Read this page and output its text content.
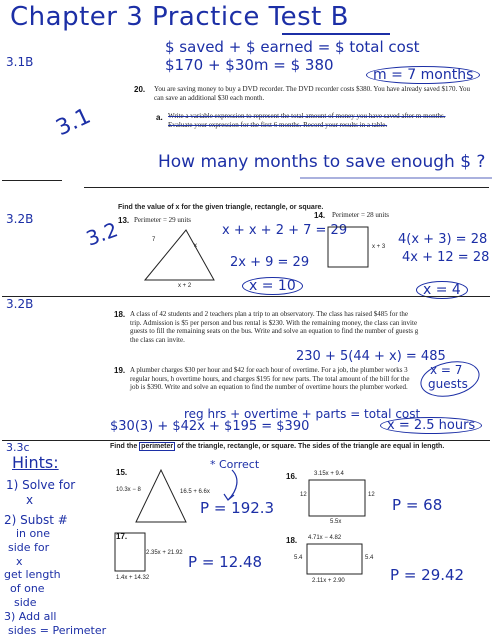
Chapter 3 Practice Test B
$ saved + $ earned = $ total cost
$170 + $30m = $ 380
m = 7 months
3.1B
3.1
20. You are saving money to buy a DVD recorder. The DVD recorder costs $380. You have already saved $170. You can save an additional $30 each month.
a. Write a variable expression to represent the total amount of money you have saved after m months. Evaluate your expression for the first 6 months. Record your results in a table.
How many months to save enough $ ?
3.2B 3.2
Find the value of x for the given triangle, rectangle, or square.
13. Perimeter = 29 units	14. Perimeter = 28 units
7
x
x + 2
x + 3
x + x + 2 + 7 = 29
2x + 9 = 29
x = 10
4(x + 3) = 28
4x + 12 = 28
x = 4
3.2B
18. A class of 42 students and 2 teachers plan a trip to an observatory. The class has raised $485 for the trip. Admission is $5 per person and bus rental is $230. With the remaining money, the class can invite guests to fill the remaining seats on the bus. Write and solve an equation to find the number of guests g the class can invite.
230 + 5(44 + x) = 485
x = 7
guests
19. A plumber charges $30 per hour and $42 for each hour of overtime. For a job, the plumber works 3 regular hours, h overtime hours, and charges $195 for new parts. The total amount of the bill for the job is $390. Write and solve an equation to find the number of overtime hours the plumber worked.
reg hrs + overtime + parts = total cost
$30(3) + $42x + $195 = $390	x = 2.5 hours
3.3c	Find the perimeter of the triangle, rectangle, or square. The sides of the triangle are equal in length.
15.	16.
17.	18.
10.3x − 8	16.5 + 6.6x
3.15x + 9.4
12	12
5.5x
2.35x + 21.92
1.4x + 14.32
4.71x − 4.82
5.4	5.4
2.11x + 2.90
* Correct
P = 192.3	P = 68
P = 12.48
P = 29.42
Hints:
1) Solve for
x
2) Subst #
in one
side for
x
get length
of one
side
3) Add all
sides = Perimeter
